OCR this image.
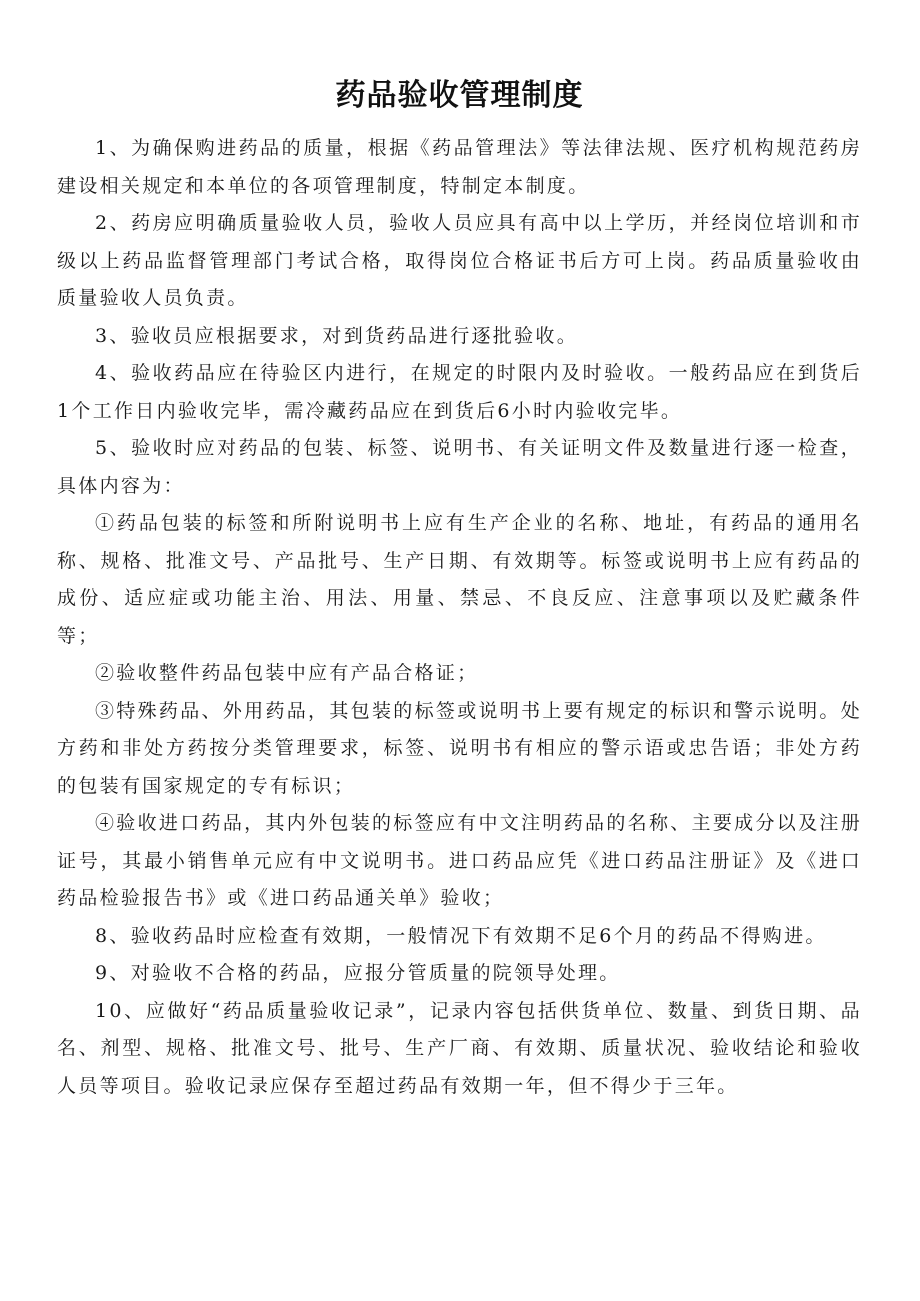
药品验收管理制度

1、为确保购进药品的质量，根据《药品管理法》等法律法规、医疗机构规范药房建设相关规定和本单位的各项管理制度，特制定本制度。

2、药房应明确质量验收人员，验收人员应具有高中以上学历，并经岗位培训和市级以上药品监督管理部门考试合格，取得岗位合格证书后方可上岗。药品质量验收由质量验收人员负责。

3、验收员应根据要求，对到货药品进行逐批验收。

4、验收药品应在待验区内进行，在规定的时限内及时验收。一般药品应在到货后1个工作日内验收完毕，需冷藏药品应在到货后6小时内验收完毕。

5、验收时应对药品的包装、标签、说明书、有关证明文件及数量进行逐一检查，具体内容为：

①药品包装的标签和所附说明书上应有生产企业的名称、地址，有药品的通用名称、规格、批准文号、产品批号、生产日期、有效期等。标签或说明书上应有药品的成份、适应症或功能主治、用法、用量、禁忌、不良反应、注意事项以及贮藏条件等；

②验收整件药品包装中应有产品合格证；

③特殊药品、外用药品，其包装的标签或说明书上要有规定的标识和警示说明。处方药和非处方药按分类管理要求，标签、说明书有相应的警示语或忠告语；非处方药的包装有国家规定的专有标识；

④验收进口药品，其内外包装的标签应有中文注明药品的名称、主要成分以及注册证号，其最小销售单元应有中文说明书。进口药品应凭《进口药品注册证》及《进口药品检验报告书》或《进口药品通关单》验收；

8、验收药品时应检查有效期，一般情况下有效期不足6个月的药品不得购进。

9、对验收不合格的药品，应报分管质量的院领导处理。

10、应做好“药品质量验收记录”，记录内容包括供货单位、数量、到货日期、品名、剂型、规格、批准文号、批号、生产厂商、有效期、质量状况、验收结论和验收人员等项目。验收记录应保存至超过药品有效期一年，但不得少于三年。
